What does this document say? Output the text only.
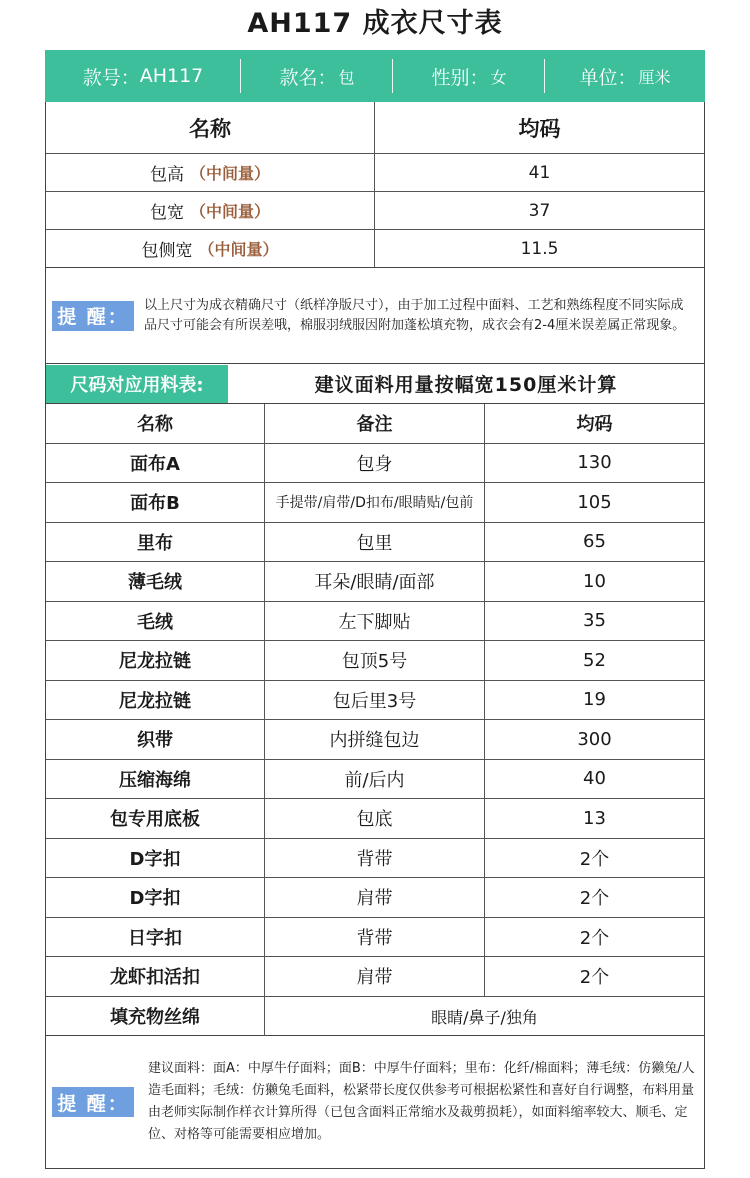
AH117 成衣尺寸表
款号： AH117	款名： 包	性别： 女	单位： 厘米
名称	均码
包高 （中间量）	41
包宽 （中间量）	37
包侧宽 （中间量）	11.5
提 醒：
以上尺寸为成衣精确尺寸（纸样净版尺寸），由于加工过程中面料、工艺和熟练程度不同实际成品尺寸可能会有所误差哦，棉服羽绒服因附加蓬松填充物，成衣会有2-4厘米误差属正常现象。
尺码对应用料表:	建议面料用量按幅宽150厘米计算
名称	备注	均码
面布A	包身	130
面布B	手提带/肩带/D扣布/眼睛贴/包前	105
里布	包里	65
薄毛绒	耳朵/眼睛/面部	10
毛绒	左下脚贴	35
尼龙拉链	包顶5号	52
尼龙拉链	包后里3号	19
织带	内拼缝包边	300
压缩海绵	前/后内	40
包专用底板	包底	13
D字扣	背带	2个
D字扣	肩带	2个
日字扣	背带	2个
龙虾扣活扣	肩带	2个
填充物丝绵	眼睛/鼻子/独角
提 醒：
建议面料：面A：中厚牛仔面料；面B：中厚牛仔面料；里布：化纤/棉面料；薄毛绒：仿獭兔/人造毛面料；毛绒：仿獭兔毛面料，松紧带长度仅供参考可根据松紧性和喜好自行调整，布料用量由老师实际制作样衣计算所得（已包含面料正常缩水及裁剪损耗），如面料缩率较大、顺毛、定位、对格等可能需要相应增加。
